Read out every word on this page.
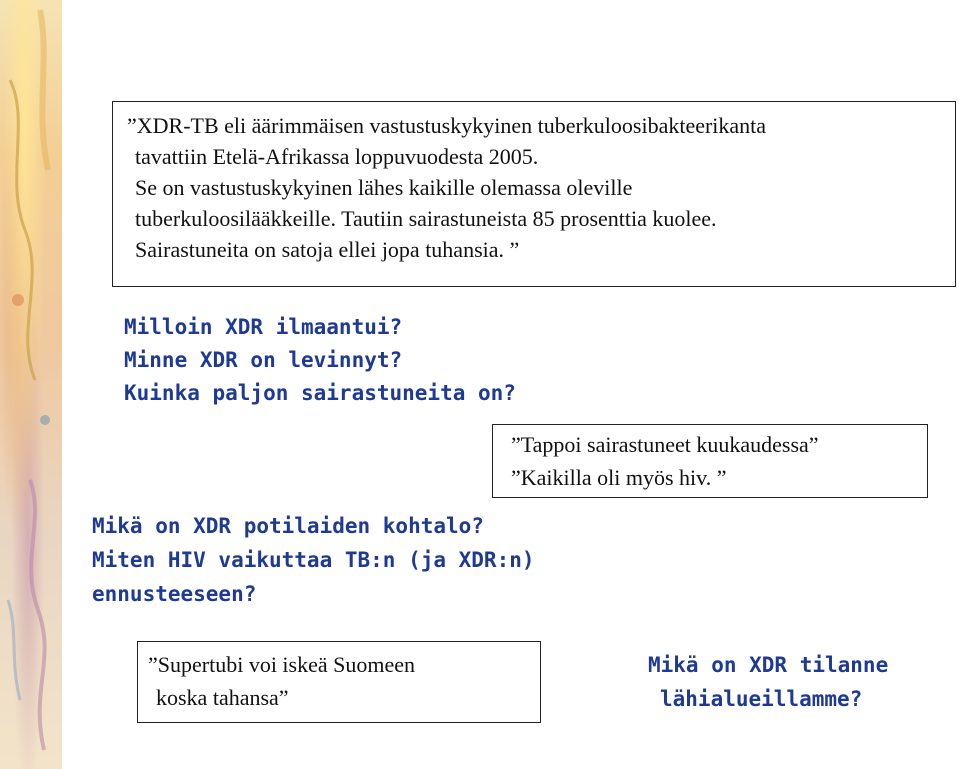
”XDR-TB eli äärimmäisen vastustuskykyinen tuberkuloosibakteerikanta

tavattiin Etelä-Afrikassa loppuvuodesta 2005.

Se on vastustuskykyinen lähes kaikille olemassa oleville

tuberkuloosilääkkeille. Tautiin sairastuneista 85 prosenttia kuolee.

Sairastuneita on satoja ellei jopa tuhansia. ”

Milloin XDR ilmaantui?

Minne XDR on levinnyt?

Kuinka paljon sairastuneita on?

”Tappoi sairastuneet kuukaudessa”

”Kaikilla oli myös hiv. ”

Mikä on XDR potilaiden kohtalo?

Miten HIV vaikuttaa TB:n (ja XDR:n)

ennusteeseen?

”Supertubi voi iskeä Suomeen

koska tahansa”

Mikä on XDR tilanne

lähialueillamme?
